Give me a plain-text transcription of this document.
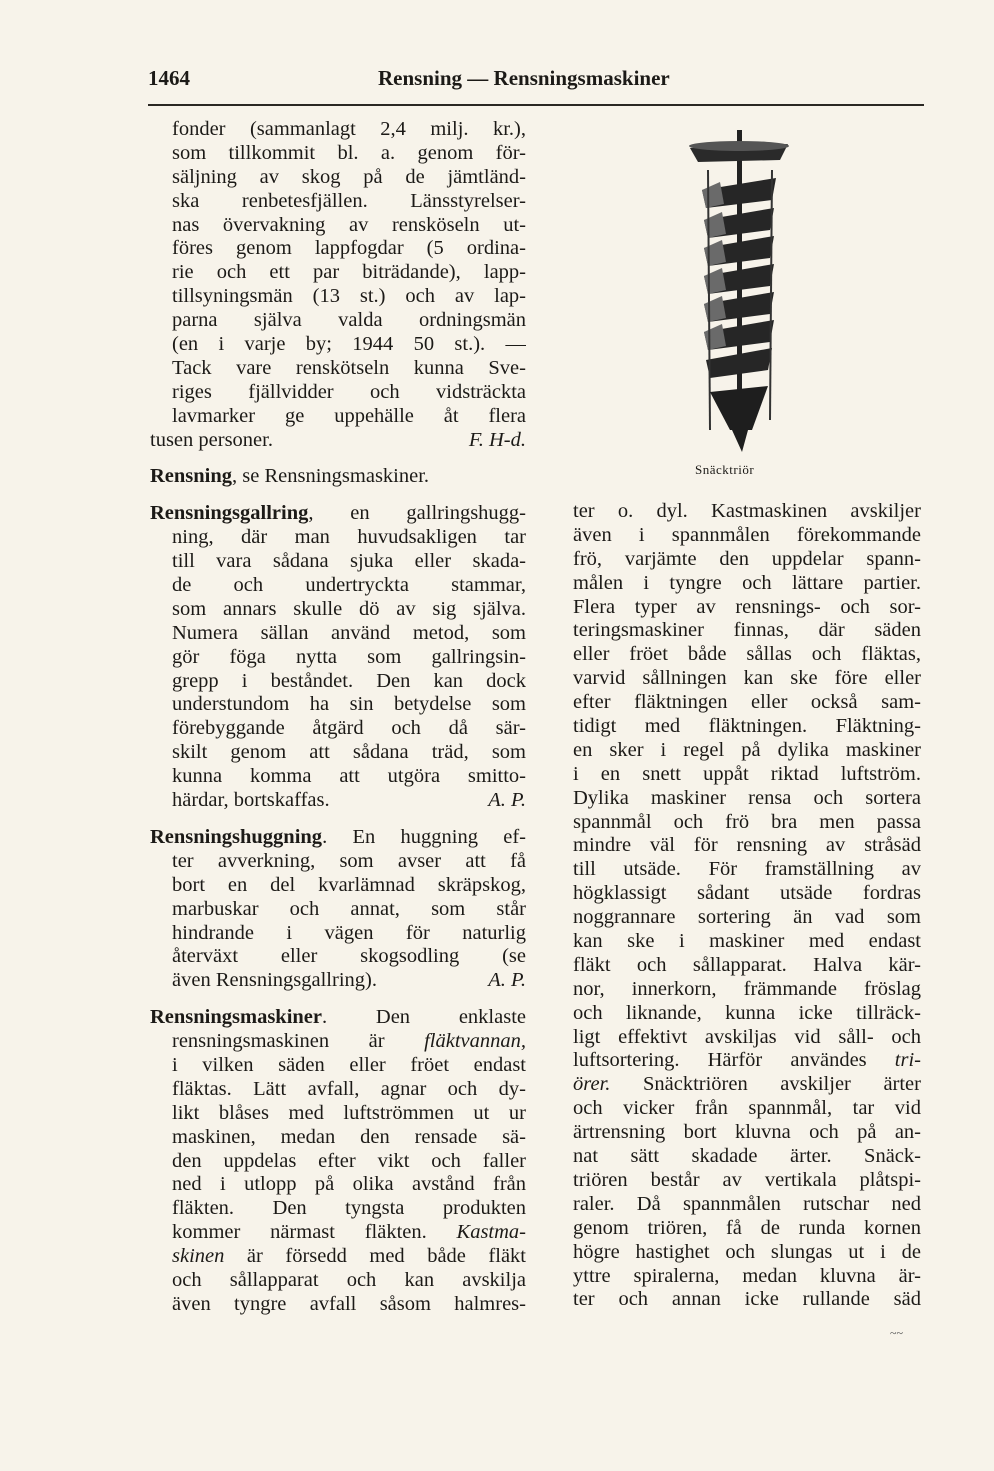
1464	Rensning — Rensningsmaskiner
fonder (sammanlagt 2,4 milj. kr.),
som tillkommit bl. a. genom för-
säljning av skog på de jämtländ-
ska renbetesfjällen. Länsstyrelser-
nas övervakning av rensköseln ut-
föres genom lappfogdar (5 ordina-
rie och ett par biträdande), lapp-
tillsyningsmän (13 st.) och av lap-
parna själva valda ordningsmän
(en i varje by; 1944 50 st.). —
Tack vare renskötseln kunna Sve-
riges fjällvidder och vidsträckta
lavmarker ge uppehälle åt flera
tusen personer.	F. H-d.
Rensning, se Rensningsmaskiner.
Rensningsgallring, en gallringshugg-
ning, där man huvudsakligen tar
till vara sådana sjuka eller skada-
de och undertryckta stammar,
som annars skulle dö av sig själva.
Numera sällan använd metod, som
gör föga nytta som gallringsin-
grepp i beståndet. Den kan dock
understundom ha sin betydelse som
förebyggande åtgärd och då sär-
skilt genom att sådana träd, som
kunna komma att utgöra smitto-
härdar, bortskaffas.	A. P.
Rensningshuggning. En huggning ef-
ter avverkning, som avser att få
bort en del kvarlämnad skräpskog,
marbuskar och annat, som står
hindrande i vägen för naturlig
återväxt eller skogsodling (se
även Rensningsgallring).	A. P.
Rensningsmaskiner. Den enklaste
rensningsmaskinen är fläktvannan,
i vilken säden eller fröet endast
fläktas. Lätt avfall, agnar och dy-
likt blåses med luftströmmen ut ur
maskinen, medan den rensade sä-
den uppdelas efter vikt och faller
ned i utlopp på olika avstånd från
fläkten. Den tyngsta produkten
kommer närmast fläkten. Kastma-
skinen är försedd med både fläkt
och sållapparat och kan avskilja
även tyngre avfall såsom halmres-
Snäcktriör
ter o. dyl. Kastmaskinen avskiljer
även i spannmålen förekommande
frö, varjämte den uppdelar spann-
målen i tyngre och lättare partier.
Flera typer av rensnings- och sor-
teringsmaskiner finnas, där säden
eller fröet både sållas och fläktas,
varvid sållningen kan ske före eller
efter fläktningen eller också sam-
tidigt med fläktningen. Fläktning-
en sker i regel på dylika maskiner
i en snett uppåt riktad luftström.
Dylika maskiner rensa och sortera
spannmål och frö bra men passa
mindre väl för rensning av stråsäd
till utsäde. För framställning av
högklassigt sådant utsäde fordras
noggrannare sortering än vad som
kan ske i maskiner med endast
fläkt och sållapparat. Halva kär-
nor, innerkorn, främmande fröslag
och liknande, kunna icke tillräck-
ligt effektivt avskiljas vid såll- och
luftsortering. Härför användes tri-
örer. Snäcktriören avskiljer ärter
och vicker från spannmål, tar vid
ärtrensning bort kluvna och på an-
nat sätt skadade ärter. Snäck-
triören består av vertikala plåtspi-
raler. Då spannmålen rutschar ned
genom triören, få de runda kornen
högre hastighet och slungas ut i de
yttre spiralerna, medan kluvna är-
ter och annan icke rullande säd
~~
